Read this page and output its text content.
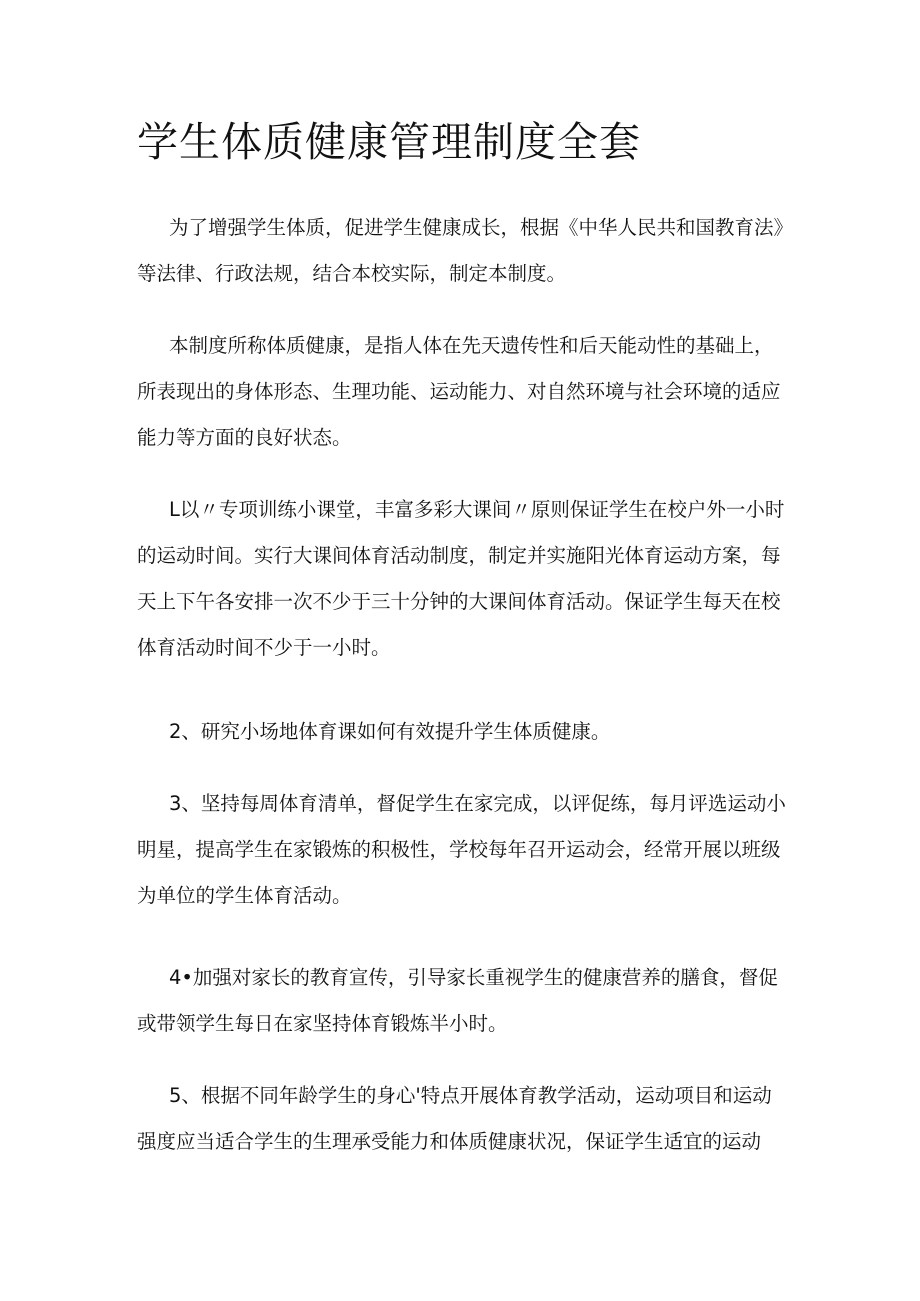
学生体质健康管理制度全套

为了增强学生体质，促进学生健康成长，根据《中华人民共和国教育法》等法律、行政法规，结合本校实际，制定本制度。

本制度所称体质健康，是指人体在先天遗传性和后天能动性的基础上，所表现出的身体形态、生理功能、运动能力、对自然环境与社会环境的适应能力等方面的良好状态。

L以〃专项训练小课堂，丰富多彩大课间〃原则保证学生在校户外一小时的运动时间。实行大课间体育活动制度，制定并实施阳光体育运动方案，每天上下午各安排一次不少于三十分钟的大课间体育活动。保证学生每天在校体育活动时间不少于一小时。

2、研究小场地体育课如何有效提升学生体质健康。

3、坚持每周体育清单，督促学生在家完成，以评促练，每月评选运动小明星，提高学生在家锻炼的积极性，学校每年召开运动会，经常开展以班级为单位的学生体育活动。

4•加强对家长的教育宣传，引导家长重视学生的健康营养的膳食，督促或带领学生每日在家坚持体育锻炼半小时。

5、根据不同年龄学生的身心'特点开展体育教学活动，运动项目和运动强度应当适合学生的生理承受能力和体质健康状况，保证学生适宜的运动
